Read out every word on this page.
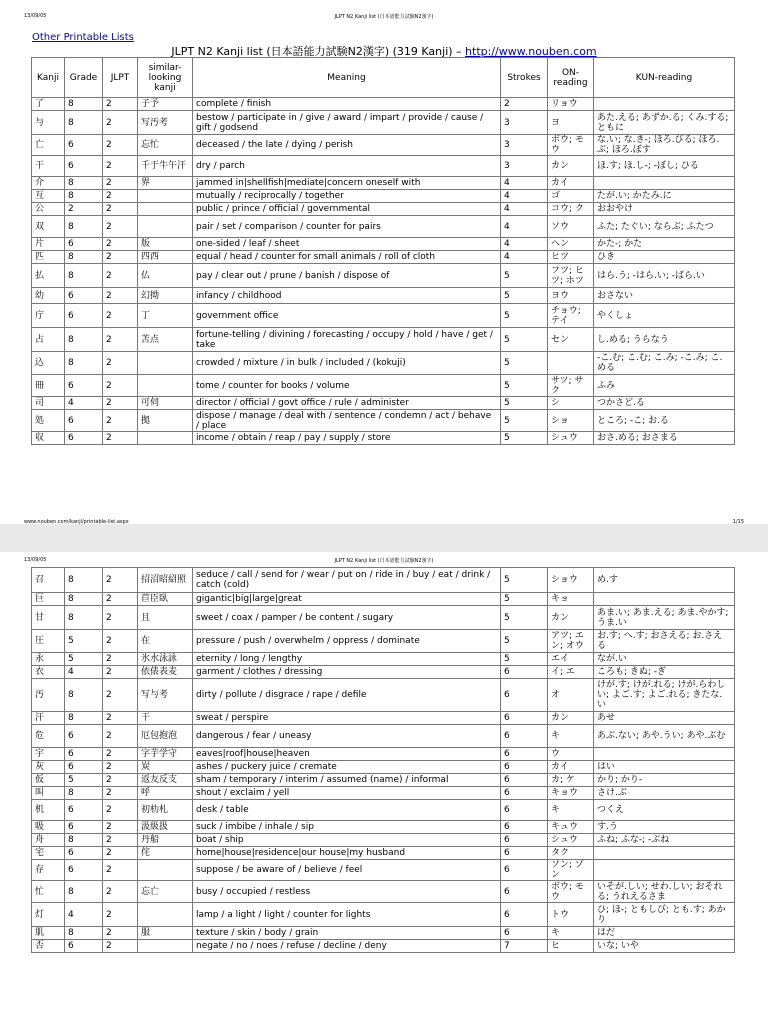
13/09/05	JLPT N2 Kanji list (日本語能力試験N2漢字)
Other Printable Lists
JLPT N2 Kanji list (日本語能力試験N2漢字) (319 Kanji) – http://www.nouben.com
Kanji	Grade	JLPT	similar-looking kanji	Meaning	Strokes	ON-reading	KUN-reading
了	8	2	子予	complete / finish	2	リョウ	
与	8	2	写汚考	bestow / participate in / give / award / impart / provide / cause / gift / godsend	3	ヨ	あた.える; あずか.る; くみ.する; ともに
亡	6	2	忘忙	deceased / the late / dying / perish	3	ボウ; モウ	な.い; な.き-; ほろ.びる; ほろ.ぶ; ほろ.ぼす
干	6	2	千于牛午汗	dry / parch	3	カン	ほ.す; ほ.し-; -ぼし; ひる
介	8	2	界	jammed in|shellfish|mediate|concern oneself with	4	カイ	
互	8	2		mutually / reciprocally / together	4	ゴ	たが.い; かたみ.に
公	2	2		public / prince / official / governmental	4	コウ; ク	おおやけ
双	8	2		pair / set / comparison / counter for pairs	4	ソウ	ふた; たぐい; ならぶ; ふたつ
片	6	2	版	one-sided / leaf / sheet	4	ヘン	かた-; かた
匹	8	2	四西	equal / head / counter for small animals / roll of cloth	4	ヒツ	ひき
払	8	2	仏	pay / clear out / prune / banish / dispose of	5	フツ; ヒツ; ホツ	はら.う; -はら.い; -ばら.い
幼	6	2	幻拗	infancy / childhood	5	ヨウ	おさない
庁	6	2	丁	government office	5	チョウ; テイ	やくしょ
占	8	2	苫点	fortune-telling / divining / forecasting / occupy / hold / have / get / take	5	セン	し.める; うらなう
込	8	2		crowded / mixture / in bulk / included / (kokuji)	5		-こ.む; こ.む; こ.み; -こ.み; こ.める
冊	6	2		tome / counter for books / volume	5	サツ; サク	ふみ
司	4	2	可伺	director / official / govt office / rule / administer	5	シ	つかさど.る
処	6	2	拠	dispose / manage / deal with / sentence / condemn / act / behave / place	5	ショ	ところ; -こ; お.る
収	6	2		income / obtain / reap / pay / supply / store	5	シュウ	おさ.める; おさまる
www.nouben.com/kanji/printable-list.aspx	1/15
13/09/05	JLPT N2 Kanji list (日本語能力試験N2漢字)
召	8	2	招沼昭紹照	seduce / call / send for / wear / put on / ride in / buy / eat / drink / catch (cold)	5	ショウ	め.す
巨	8	2	苣臣臥	gigantic|big|large|great	5	キョ	
甘	8	2	且	sweet / coax / pamper / be content / sugary	5	カン	あま.い; あま.える; あま.やかす; うま.い
圧	5	2	在	pressure / push / overwhelm / oppress / dominate	5	アツ; エン; オウ	お.す; へ.す; おさえる; お.さえる
永	5	2	氷水泳詠	eternity / long / lengthy	5	エイ	なが.い
衣	4	2	依俵表麦	garment / clothes / dressing	6	イ; エ	ころも; きぬ; -ぎ
汚	8	2	写与考	dirty / pollute / disgrace / rape / defile	6	オ	けが.す; けが.れる; けが.らわしい; よご.す; よご.れる; きたな.い
汗	8	2	干	sweat / perspire	6	カン	あせ
危	6	2	厄包抱泡	dangerous / fear / uneasy	6	キ	あぶ.ない; あや.うい; あや.ぶむ
宇	6	2	字芋学守	eaves|roof|house|heaven	6	ウ	
灰	6	2	炭	ashes / puckery juice / cremate	6	カイ	はい
仮	5	2	返友反支	sham / temporary / interim / assumed (name) / informal	6	カ; ケ	かり; かり-
叫	8	2	呼	shout / exclaim / yell	6	キョウ	さけ.ぶ
机	6	2	初朸札	desk / table	6	キ	つくえ
吸	6	2	汲級扱	suck / imbibe / inhale / sip	6	キュウ	す.う
舟	8	2	丹船	boat / ship	6	シュウ	ふね; ふな-; -ぶね
宅	6	2	侘	home|house|residence|our house|my husband	6	タク	
存	6	2		suppose / be aware of / believe / feel	6	ソン; ゾン	
忙	8	2	忘亡	busy / occupied / restless	6	ボウ; モウ	いそが.しい; せわ.しい; おそれる; うれえるさま
灯	4	2		lamp / a light / light / counter for lights	6	トウ	ひ; ほ-; ともしび; とも.す; あかり
肌	8	2	服	texture / skin / body / grain	6	キ	はだ
否	6	2		negate / no / noes / refuse / decline / deny	7	ヒ	いな; いや
